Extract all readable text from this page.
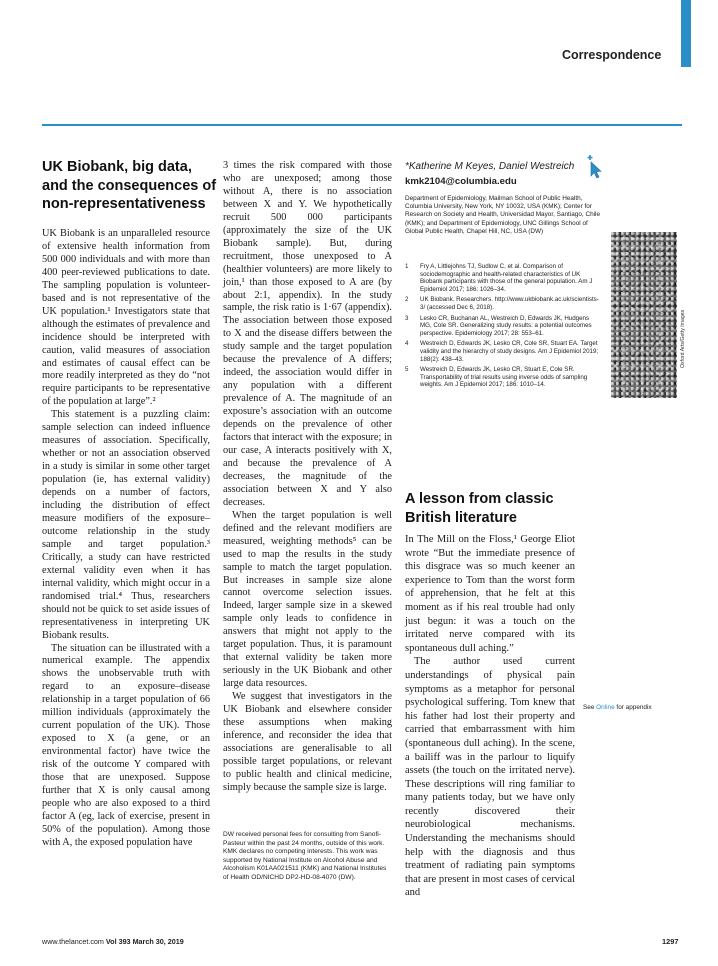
Correspondence
UK Biobank, big data, and the consequences of non-representativeness

UK Biobank is an unparalleled resource of extensive health information from 500 000 individuals and with more than 400 peer-reviewed publications to date. The sampling population is volunteer-based and is not representative of the UK population.¹ Investigators state that although the estimates of prevalence and incidence should be interpreted with caution, valid measures of association and estimates of causal effect can be more readily interpreted as they do “not require participants to be representative of the population at large”.²

This statement is a puzzling claim: sample selection can indeed influence measures of association. Specifically, whether or not an association observed in a study is similar in some other target population (ie, has external validity) depends on a number of factors, including the distribution of effect measure modifiers of the exposure–outcome relationship in the study sample and target population.³ Critically, a study can have restricted external validity even when it has internal validity, which might occur in a randomised trial.⁴ Thus, researchers should not be quick to set aside issues of representativeness in interpreting UK Biobank results.

The situation can be illustrated with a numerical example. The appendix shows the unobservable truth with regard to an exposure–disease relationship in a target population of 66 million individuals (approximately the current population of the UK). Those exposed to X (a gene, or an environmental factor) have twice the risk of the outcome Y compared with those that are unexposed. Suppose further that X is only causal among people who are also exposed to a third factor A (eg, lack of exercise, present in 50% of the population). Among those with A, the exposed population have

3 times the risk compared with those who are unexposed; among those without A, there is no association between X and Y. We hypothetically recruit 500 000 participants (approximately the size of the UK Biobank sample). But, during recruitment, those unexposed to A (healthier volunteers) are more likely to join,¹ than those exposed to A are (by about 2:1, appendix). In the study sample, the risk ratio is 1·67 (appendix). The association between those exposed to X and the disease differs between the study sample and the target population because the prevalence of A differs; indeed, the association would differ in any population with a different prevalence of A. The magnitude of an exposure’s association with an outcome depends on the prevalence of other factors that interact with the exposure; in our case, A interacts positively with X, and because the prevalence of A decreases, the magnitude of the association between X and Y also decreases.

When the target population is well defined and the relevant modifiers are measured, weighting methods⁵ can be used to map the results in the study sample to match the target population. But increases in sample size alone cannot overcome selection issues. Indeed, larger sample size in a skewed sample only leads to confidence in answers that might not apply to the target population. Thus, it is paramount that external validity be taken more seriously in the UK Biobank and other large data resources.

We suggest that investigators in the UK Biobank and elsewhere consider these assumptions when making inference, and reconsider the idea that associations are generalisable to all possible target populations, or relevant to public health and clinical medicine, simply because the sample size is large.

DW received personal fees for consulting from Sanofi-Pasteur within the past 24 months, outside of this work. KMK declares no competing interests. This work was supported by National Institute on Alcohol Abuse and Alcoholism K01AA021511 (KMK) and National Institutes of Health OD/NICHD DP2-HD-08-4070 (DW).
*Katherine M Keyes, Daniel Westreich
kmk2104@columbia.edu
Department of Epidemiology, Mailman School of Public Health, Columbia University, New York, NY 10032, USA (KMK); Center for Research on Society and Health, Universidad Mayor, Santiago, Chile (KMK); and Department of Epidemiology, UNC Gillings School of Global Public Health, Chapel Hill, NC, USA (DW)
1 Fry A, Littlejohns TJ, Sudlow C, et al. Comparison of sociodemographic and health-related characteristics of UK Biobank participants with those of the general population. Am J Epidemiol 2017; 186: 1026–34.
2 UK Biobank. Researchers. http://www.ukbiobank.ac.uk/scientists-3/ (accessed Dec 6, 2018).
3 Lesko CR, Buchanan AL, Westreich D, Edwards JK, Hudgens MG, Cole SR. Generalizing study results: a potential outcomes perspective. Epidemiology 2017; 28: 553–61.
4 Westreich D, Edwards JK, Lesko CR, Cole SR, Stuart EA. Target validity and the hierarchy of study designs. Am J Epidemiol 2019; 188(2): 438–43.
5 Westreich D, Edwards JK, Lesko CR, Stuart E, Cole SR. Transportability of trial results using inverse odds of sampling weights. Am J Epidemiol 2017; 186: 1010–14.
Oxford Arts/Getty Images
A lesson from classic British literature

In The Mill on the Floss,¹ George Eliot wrote “But the immediate presence of this disgrace was so much keener an experience to Tom than the worst form of apprehension, that he felt at this moment as if his real trouble had only just begun: it was a touch on the irritated nerve compared with its spontaneous dull aching.”

The author used current understandings of physical pain symptoms as a metaphor for personal psychological suffering. Tom knew that his father had lost their property and carried that embarrassment with him (spontaneous dull aching). In the scene, a bailiff was in the parlour to liquify assets (the touch on the irritated nerve). These descriptions will ring familiar to many patients today, but we have only recently discovered their neurobiological mechanisms. Understanding the mechanisms should help with the diagnosis and thus treatment of radiating pain symptoms that are present in most cases of cervical and

See Online for appendix
www.thelancet.com Vol 393 March 30, 2019	1297
